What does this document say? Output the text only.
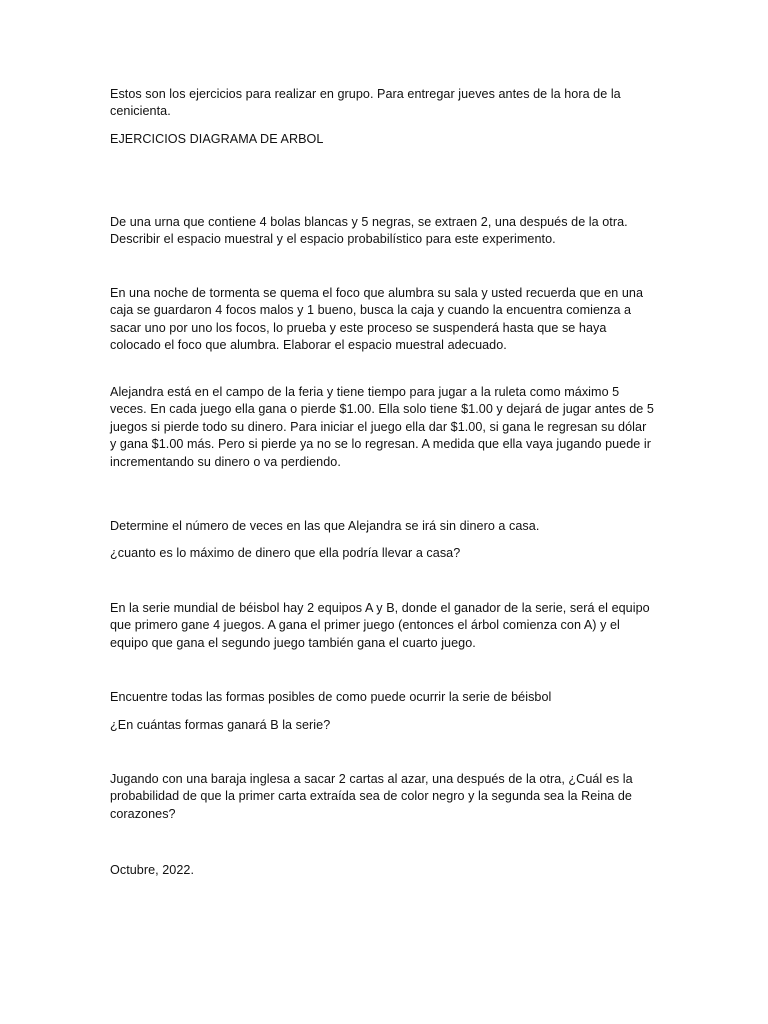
Estos son los ejercicios para realizar en grupo. Para entregar jueves antes de la hora de la
cenicienta.

EJERCICIOS DIAGRAMA DE ARBOL

De una urna que contiene 4 bolas blancas y 5 negras, se extraen 2, una después de la otra.
Describir el espacio muestral y el espacio probabilístico para este experimento.

En una noche de tormenta se quema el foco que alumbra su sala y usted recuerda que en una
caja se guardaron 4 focos malos y 1 bueno, busca la caja y cuando la encuentra comienza a
sacar uno por uno los focos, lo prueba y este proceso se suspenderá hasta que se haya
colocado el foco que alumbra. Elaborar el espacio muestral adecuado.

Alejandra está en el campo de la feria y tiene tiempo para jugar a la ruleta como máximo 5
veces. En cada juego ella gana o pierde $1.00. Ella solo tiene $1.00 y dejará de jugar antes de 5
juegos si pierde todo su dinero. Para iniciar el juego ella dar $1.00, si gana le regresan su dólar
y gana $1.00 más. Pero si pierde ya no se lo regresan. A medida que ella vaya jugando puede ir
incrementando su dinero o va perdiendo.

Determine el número de veces en las que Alejandra se irá sin dinero a casa.

¿cuanto es lo máximo de dinero que ella podría llevar a casa?

En la serie mundial de béisbol hay 2 equipos A y B, donde el ganador de la serie, será el equipo
que primero gane 4 juegos. A gana el primer juego (entonces el árbol comienza con A) y el
equipo que gana el segundo juego también gana el cuarto juego.

Encuentre todas las formas posibles de como puede ocurrir la serie de béisbol

¿En cuántas formas ganará B la serie?

Jugando con una baraja inglesa a sacar 2 cartas al azar, una después de la otra, ¿Cuál es la
probabilidad de que la primer carta extraída sea de color negro y la segunda sea la Reina de
corazones?

Octubre, 2022.
